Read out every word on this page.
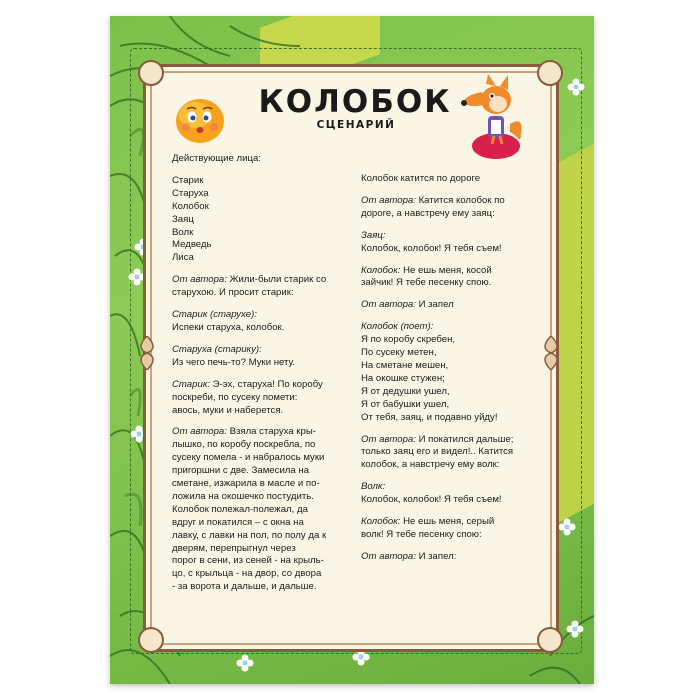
КОЛОБОК
СЦЕНАРИЙ

Действующие лица:

Старик

Старуха

Колобок

Заяц

Волк

Медведь

Лиса

От автора: Жили-были старик со

старухою. И просит старик:

Старик (старухе):

Испеки старуха, колобок.

Старуха (старику):

Из чего печь-то? Муки нету.

Старик: Э-эх, старуха! По коробу

поскреби, по сусеку помети:

авось, муки и наберется.

От автора: Взяла старуха кры-

лышко, по коробу поскребла, по

сусеку помела - и набралось муки

пригоршни с две. Замесила на

сметане, изжарила в масле и по-

ложила на окошечко постудить.

Колобок полежал-полежал, да

вдруг и покатился – с окна на

лавку, с лавки на пол, по полу да к

дверям, перепрыгнул через

порог в сени, из сеней - на крыль-

цо, с крыльца - на двор, со двора

- за ворота и дальше, и дальше.

Колобок катится по дороге

От автора: Катится колобок по

дороге, а навстречу ему заяц:

Заяц:

Колобок, колобок! Я тебя съем!

Колобок: Не ешь меня, косой

зайчик! Я тебе песенку спою.

От автора: И запел

Колобок (поет):

Я по коробу скребен,

По сусеку метен,

На сметане мешен,

На окошке стужен;

Я от дедушки ушел,

Я от бабушки ушел,

От тебя, заяц, и подавно уйду!

От автора: И покатился дальше;

только заяц его и видел!.. Катится

колобок, а навстречу ему волк:

Волк:

Колобок, колобок! Я тебя съем!

Колобок: Не ешь меня, серый

волк! Я тебе песенку спою:

От автора: И запел:
